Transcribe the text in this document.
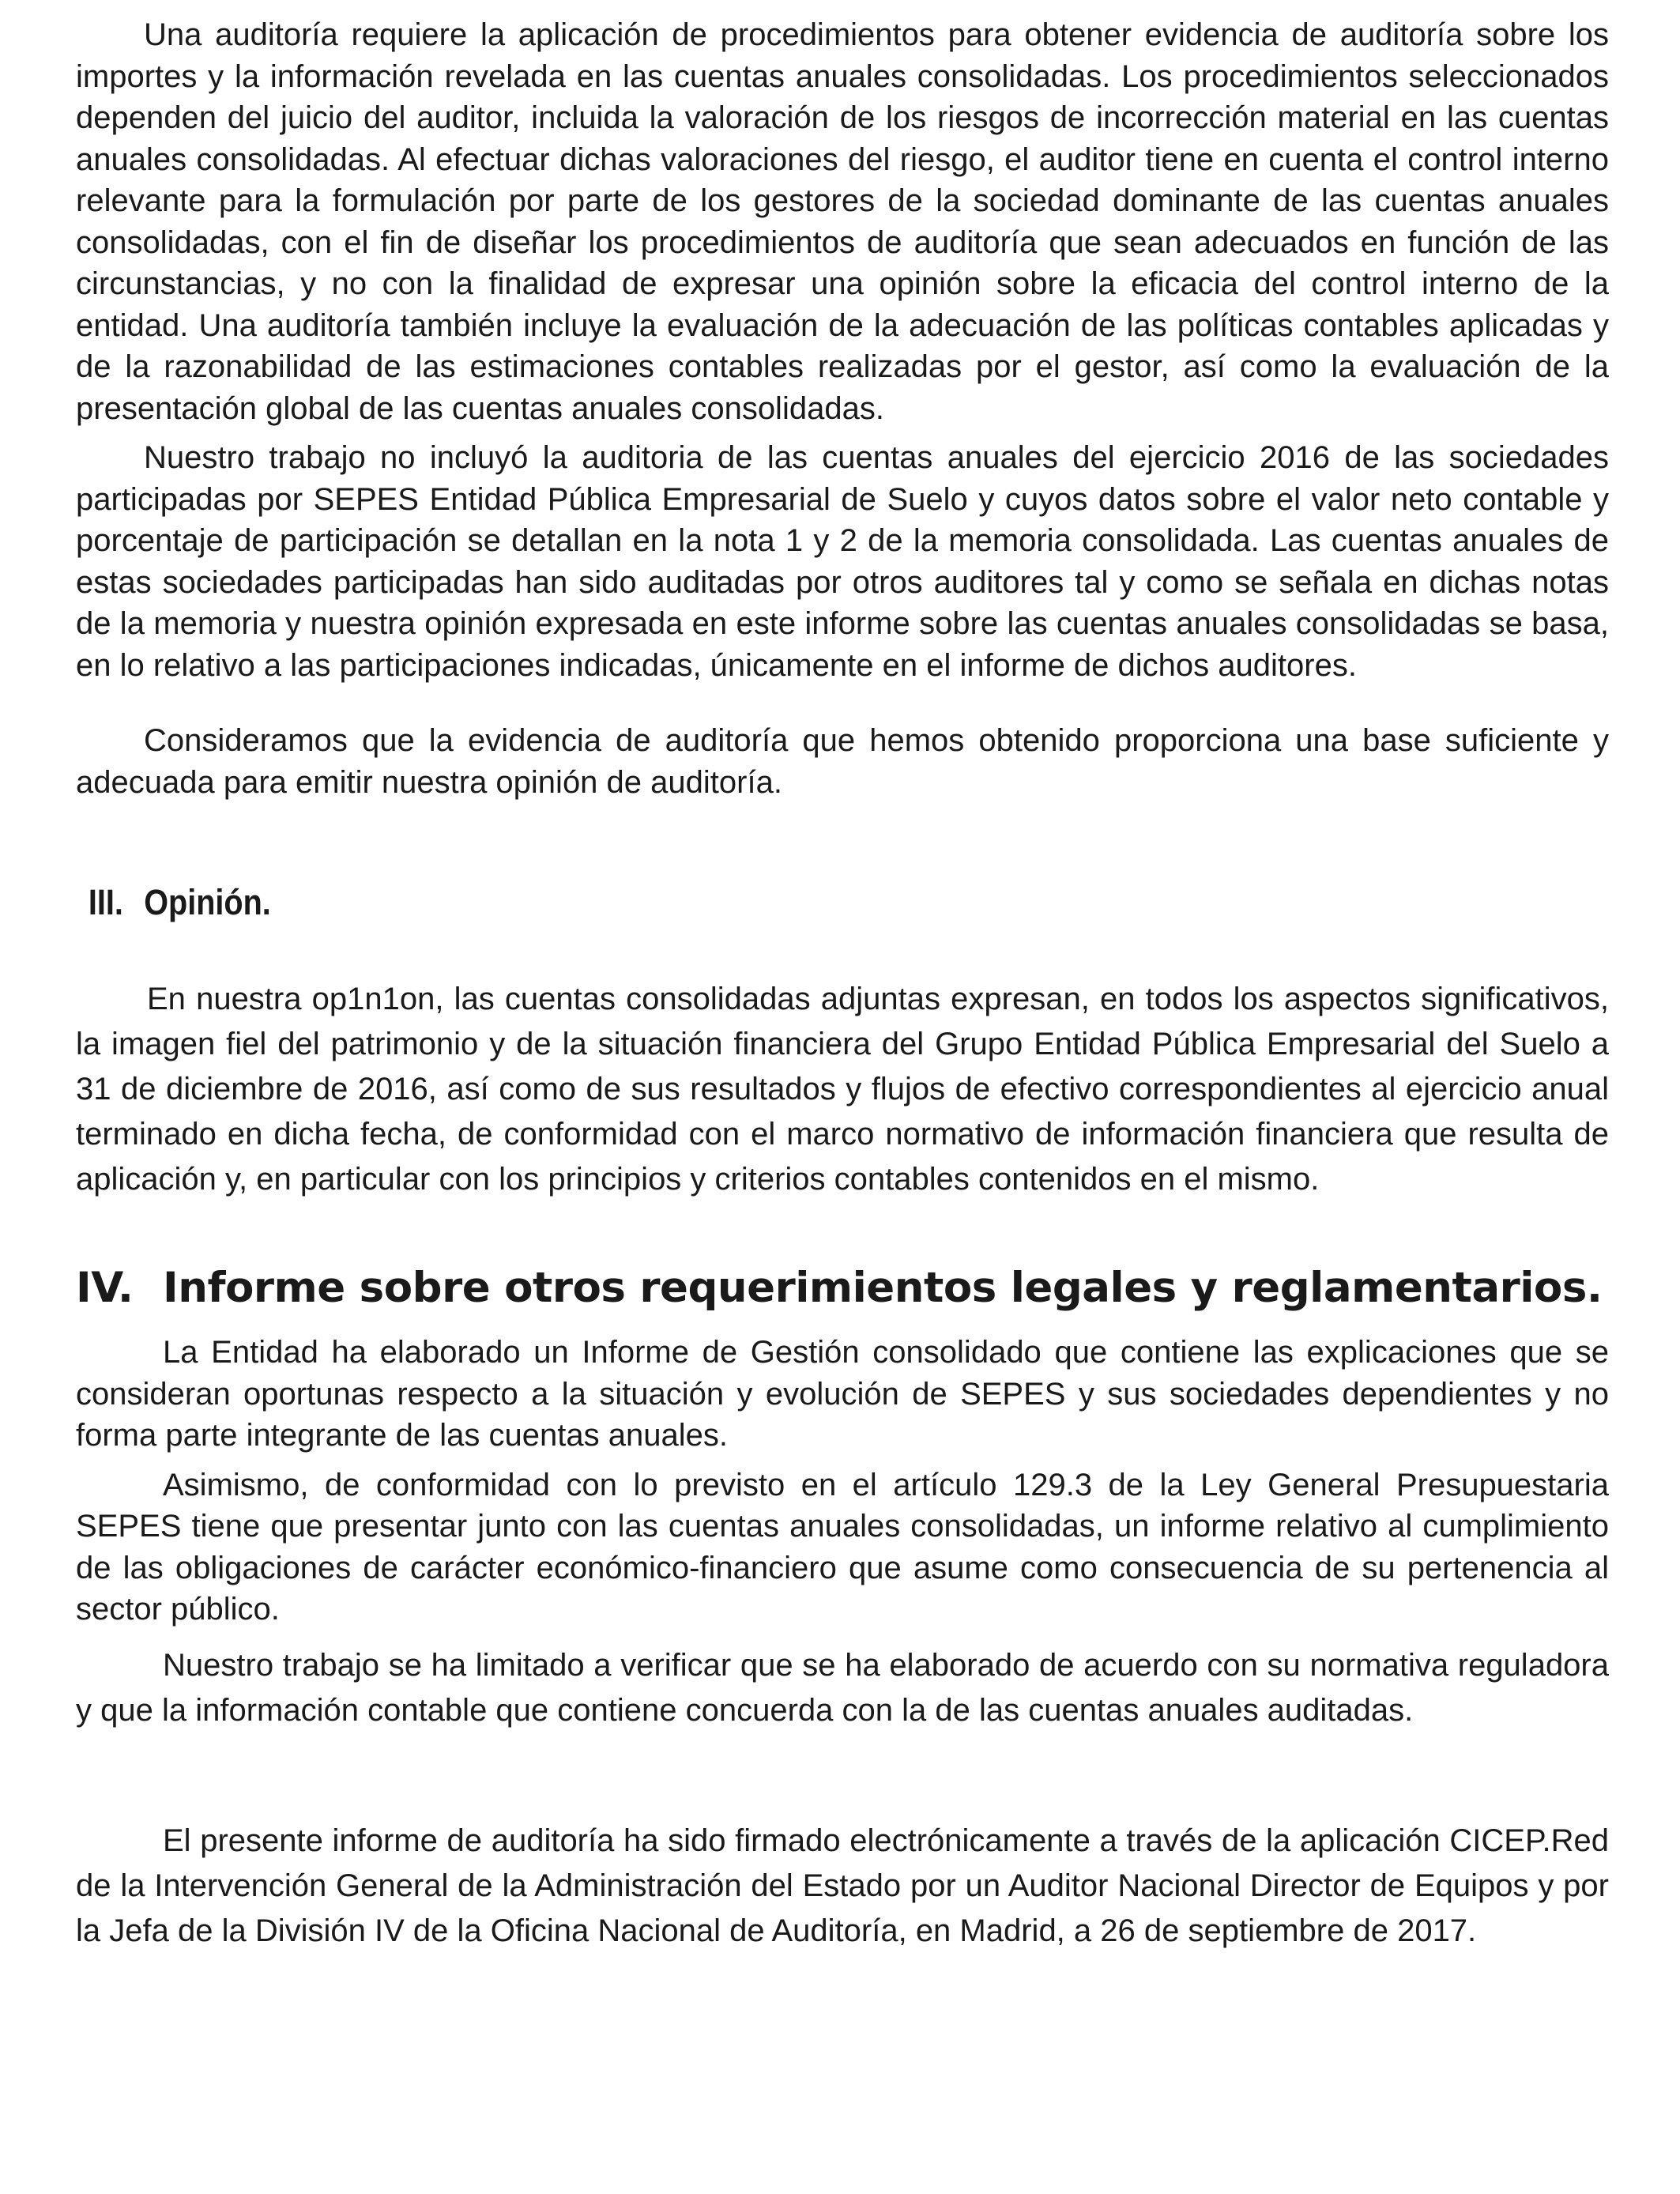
Una auditoría requiere la aplicación de procedimientos para obtener evidencia de auditoría sobre los importes y la información revelada en las cuentas anuales consolidadas. Los procedimientos seleccionados dependen del juicio del auditor, incluida la valoración de los riesgos de incorrección material en las cuentas anuales consolidadas. Al efectuar dichas valoraciones del riesgo, el auditor tiene en cuenta el control interno relevante para la formulación por parte de los gestores de la sociedad dominante de las cuentas anuales consolidadas, con el fin de diseñar los procedimientos de auditoría que sean adecuados en función de las circunstancias, y no con la finalidad de expresar una opinión sobre la eficacia del control interno de la entidad. Una auditoría también incluye la evaluación de la adecuación de las políticas contables aplicadas y de la razonabilidad de las estimaciones contables realizadas por el gestor, así como la evaluación de la presentación global de las cuentas anuales consolidadas.

Nuestro trabajo no incluyó la auditoria de las cuentas anuales del ejercicio 2016 de las sociedades participadas por SEPES Entidad Pública Empresarial de Suelo y cuyos datos sobre el valor neto contable y porcentaje de participación se detallan en la nota 1 y 2 de la memoria consolidada. Las cuentas anuales de estas sociedades participadas han sido auditadas por otros auditores tal y como se señala en dichas notas de la memoria y nuestra opinión expresada en este informe sobre las cuentas anuales consolidadas se basa, en lo relativo a las participaciones indicadas, únicamente en el informe de dichos auditores.

Consideramos que la evidencia de auditoría que hemos obtenido proporciona una base suficiente y adecuada para emitir nuestra opinión de auditoría.

III. Opinión.

En nuestra op1n1on, las cuentas consolidadas adjuntas expresan, en todos los aspectos significativos, la imagen fiel del patrimonio y de la situación financiera del Grupo Entidad Pública Empresarial del Suelo a 31 de diciembre de 2016, así como de sus resultados y flujos de efectivo correspondientes al ejercicio anual terminado en dicha fecha, de conformidad con el marco normativo de información financiera que resulta de aplicación y, en particular con los principios y criterios contables contenidos en el mismo.

IV. Informe sobre otros requerimientos legales y reglamentarios.

La Entidad ha elaborado un Informe de Gestión consolidado que contiene las explicaciones que se consideran oportunas respecto a la situación y evolución de SEPES y sus sociedades dependientes y no forma parte integrante de las cuentas anuales.

Asimismo, de conformidad con lo previsto en el artículo 129.3 de la Ley General Presupuestaria SEPES tiene que presentar junto con las cuentas anuales consolidadas, un informe relativo al cumplimiento de las obligaciones de carácter económico-financiero que asume como consecuencia de su pertenencia al sector público.

Nuestro trabajo se ha limitado a verificar que se ha elaborado de acuerdo con su normativa reguladora y que la información contable que contiene concuerda con la de las cuentas anuales auditadas.

El presente informe de auditoría ha sido firmado electrónicamente a través de la aplicación CICEP.Red de la Intervención General de la Administración del Estado por un Auditor Nacional Director de Equipos y por la Jefa de la División IV de la Oficina Nacional de Auditoría, en Madrid, a 26 de septiembre de 2017.
